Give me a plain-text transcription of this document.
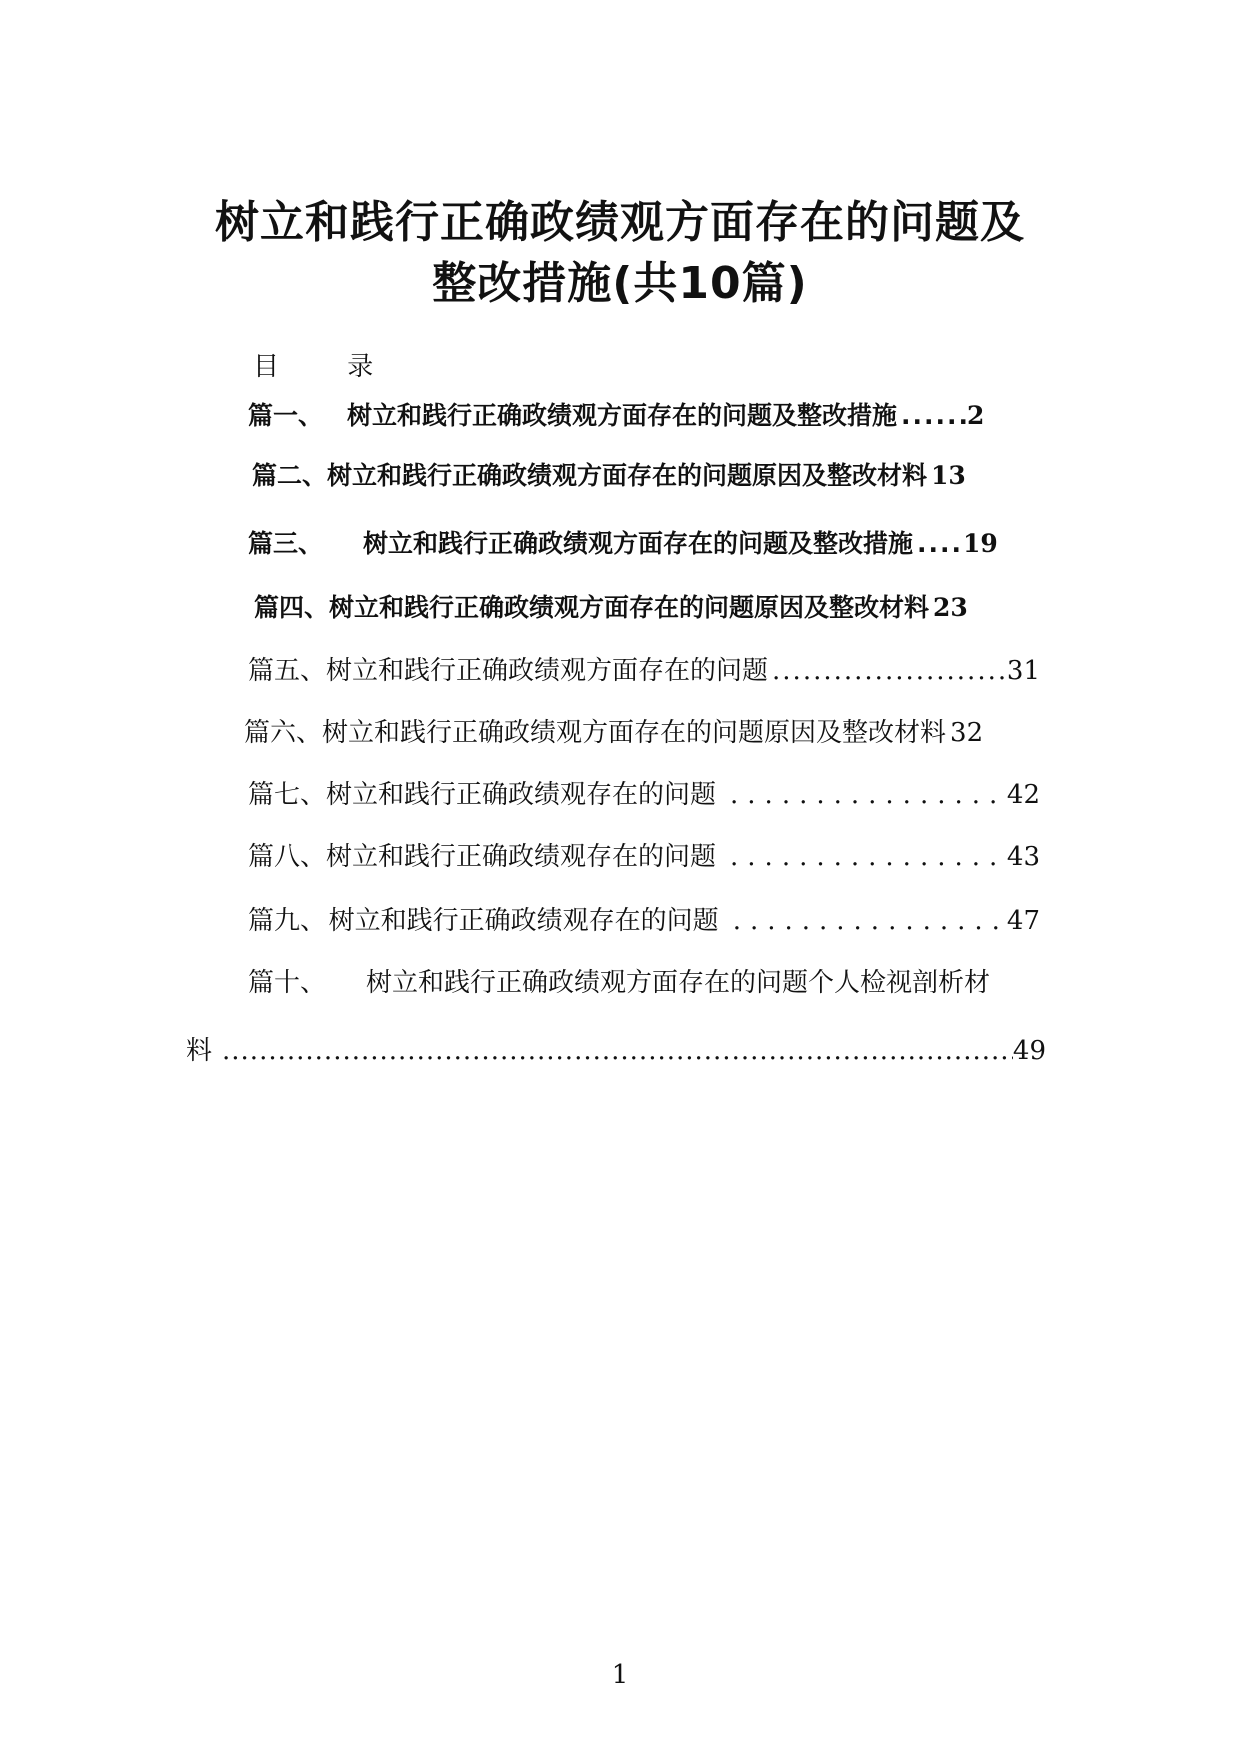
树立和践行正确政绩观方面存在的问题及
整改措施(共10篇)
目 录
篇一、 树立和践行正确政绩观方面存在的问题及整改措施 .....	2
篇二、 树立和践行正确政绩观方面存在的问题原因及整改材料 13
篇三、 树立和践行正确政绩观方面存在的问题及整改措施 ..... 19
篇四、 树立和践行正确政绩观方面存在的问题原因及整改材料 23
篇五、 树立和践行正确政绩观方面存在的问题 .....	31
篇六、 树立和践行正确政绩观方面存在的问题原因及整改材料 32
篇七、 树立和践行正确政绩观存在的问题 .....	42
篇八、 树立和践行正确政绩观存在的问题 .....	43
篇九、 树立和践行正确政绩观存在的问题 .....	47
篇十、 树立和践行正确政绩观方面存在的问题个人检视剖析材
料 .....	49
1
